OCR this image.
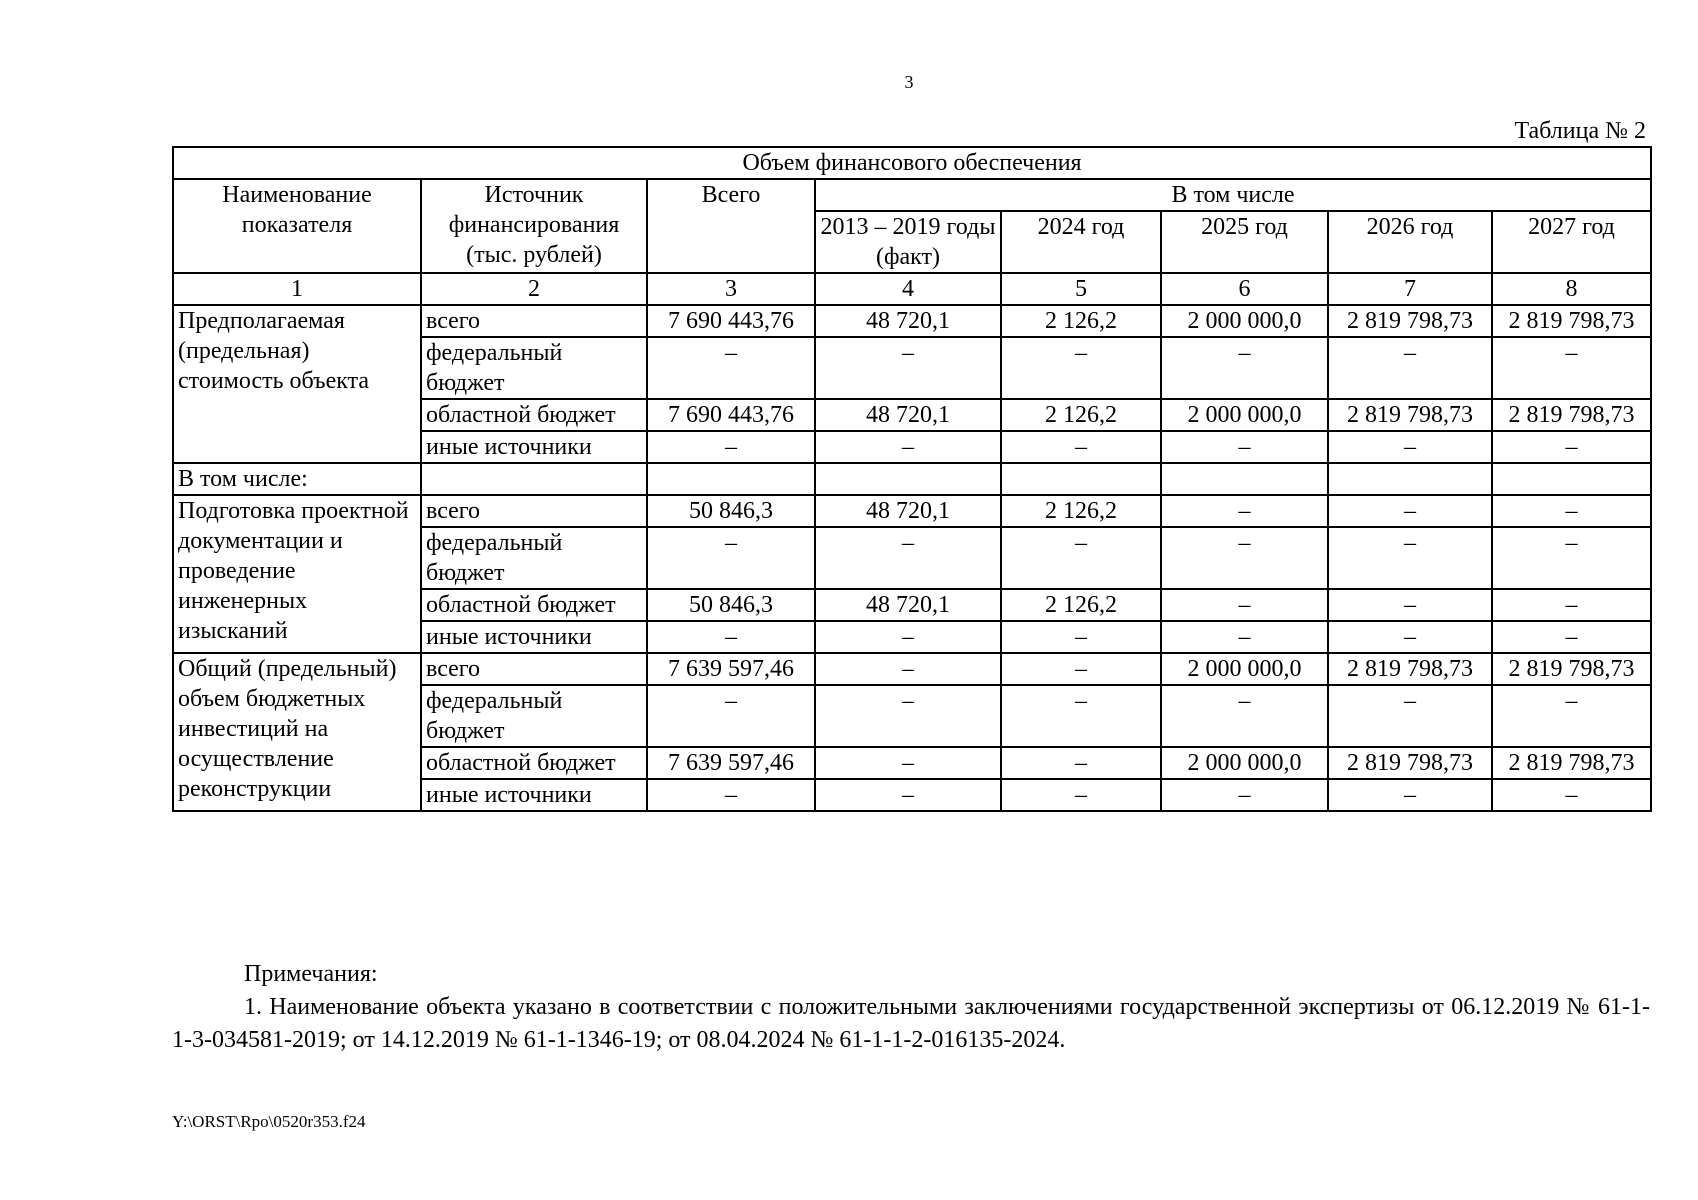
3
Таблица № 2
Объем финансового обеспечения							
Наименование показателя	Источник финансирования (тыс. рублей)	Всего	В том числе				
			2013 – 2019 годы (факт)	2024 год	2025 год	2026 год	2027 год
1	2	3	4	5	6	7	8
Предполагаемая (предельная) стоимость объекта	всего	7 690 443,76	48 720,1	2 126,2	2 000 000,0	2 819 798,73	2 819 798,73
	федеральный бюджет	–	–	–	–	–	–
	областной бюджет	7 690 443,76	48 720,1	2 126,2	2 000 000,0	2 819 798,73	2 819 798,73
	иные источники	–	–	–	–	–	–
В том числе:							
Подготовка проектной документации и проведение инженерных изысканий	всего	50 846,3	48 720,1	2 126,2	–	–	–
	федеральный бюджет	–	–	–	–	–	–
	областной бюджет	50 846,3	48 720,1	2 126,2	–	–	–
	иные источники	–	–	–	–	–	–
Общий (предельный) объем бюджетных инвестиций на осуществление реконструкции	всего	7 639 597,46	–	–	2 000 000,0	2 819 798,73	2 819 798,73
	федеральный бюджет	–	–	–	–	–	–
	областной бюджет	7 639 597,46	–	–	2 000 000,0	2 819 798,73	2 819 798,73
	иные источники	–	–	–	–	–	–
Примечания:
1. Наименование объекта указано в соответствии с положительными заключениями государственной экспертизы от 06.12.2019 № 61-1-1-3-034581-2019; от 14.12.2019 № 61-1-1346-19; от 08.04.2024 № 61-1-1-2-016135-2024.
Y:\ORST\Rpo\0520r353.f24
